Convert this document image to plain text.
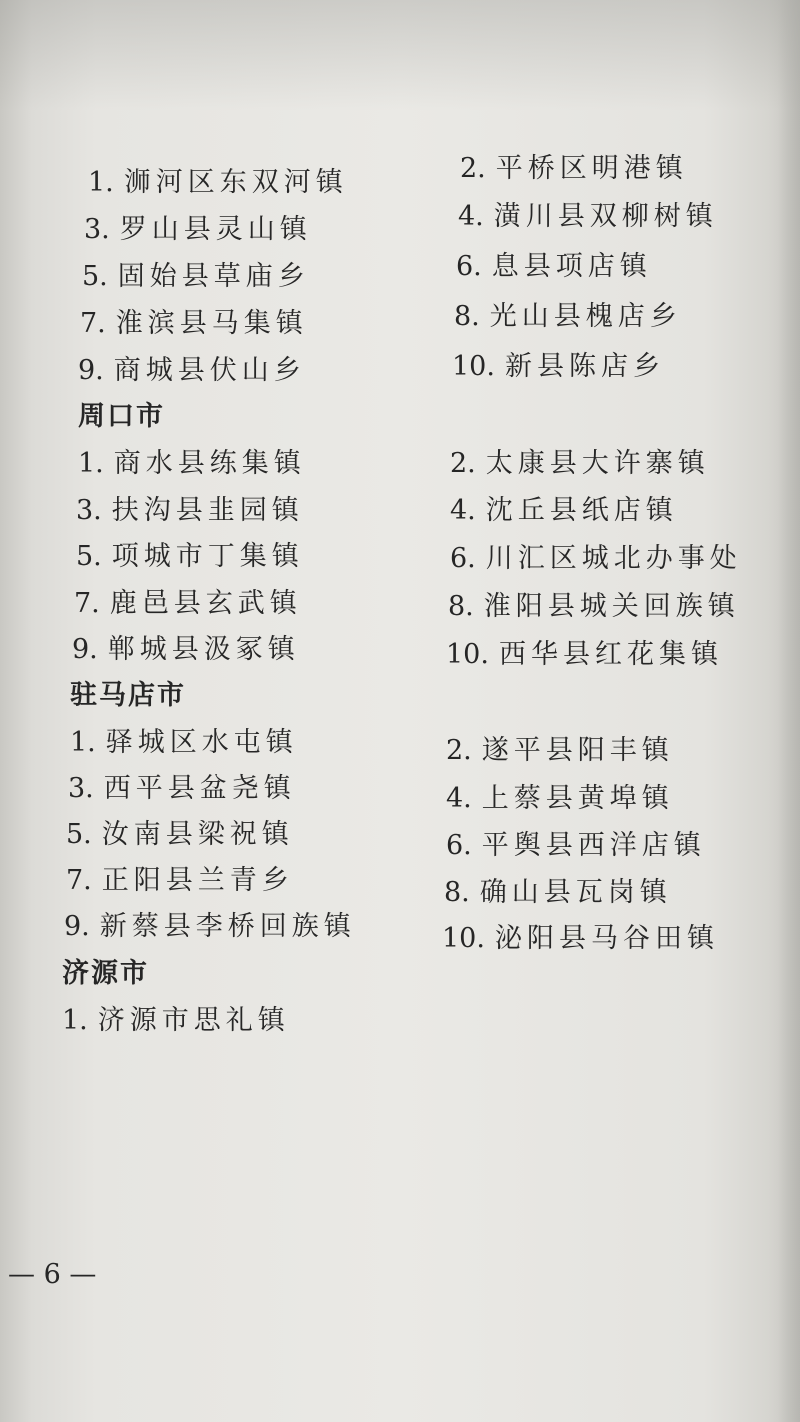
1. 浉河区东双河镇
3. 罗山县灵山镇
5. 固始县草庙乡
7. 淮滨县马集镇
9. 商城县伏山乡
2. 平桥区明港镇
4. 潢川县双柳树镇
6. 息县项店镇
8. 光山县槐店乡
10. 新县陈店乡
周口市
1. 商水县练集镇
3. 扶沟县韭园镇
5. 项城市丁集镇
7. 鹿邑县玄武镇
9. 郸城县汲冢镇
2. 太康县大许寨镇
4. 沈丘县纸店镇
6. 川汇区城北办事处
8. 淮阳县城关回族镇
10. 西华县红花集镇
驻马店市
1. 驿城区水屯镇
3. 西平县盆尧镇
5. 汝南县梁祝镇
7. 正阳县兰青乡
9. 新蔡县李桥回族镇
2. 遂平县阳丰镇
4. 上蔡县黄埠镇
6. 平舆县西洋店镇
8. 确山县瓦岗镇
10. 泌阳县马谷田镇
济源市
1. 济源市思礼镇
— 6 —
